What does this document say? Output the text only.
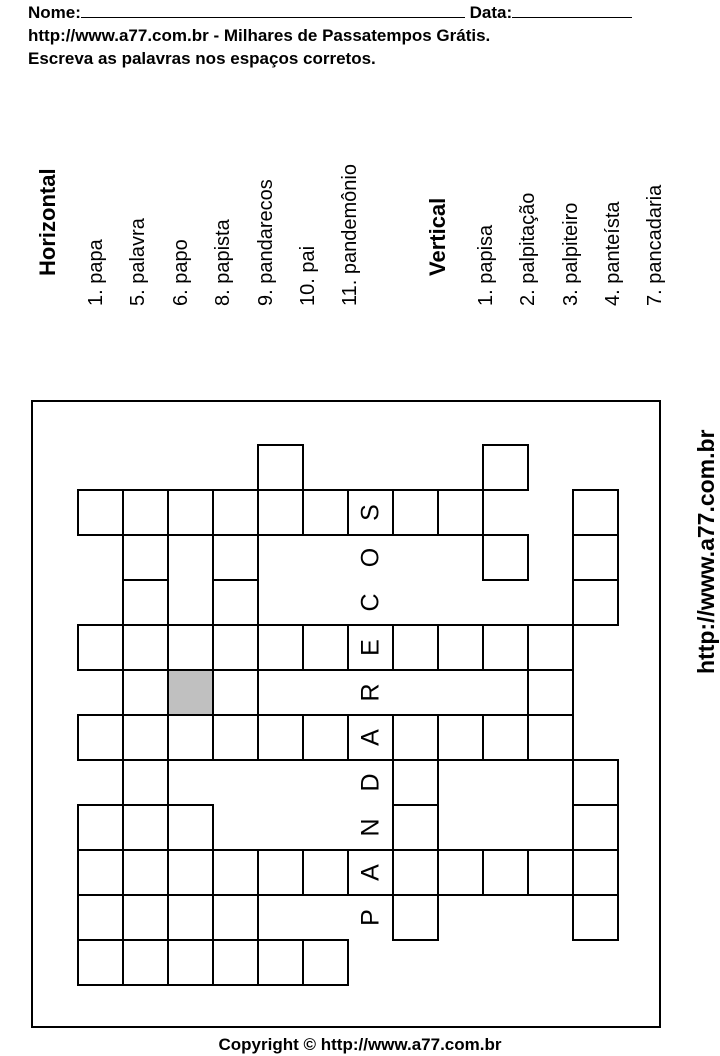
Nome:	Data:
http://www.a77.com.br - Milhares de Passatempos Grátis.
Escreva as palavras nos espaços corretos.
Horizontal 1. papa 5. palavra 6. papo 8. papista 9. pandarecos 10. pai 11. pandemônio	Vertical 1. papisa 2. palpitação 3. palpiteiro 4. panteísta 7. pancadaria
P
A
N
D
A
R
E
C
O
S	http://www.a77.com.br
Copyright © http://www.a77.com.br
